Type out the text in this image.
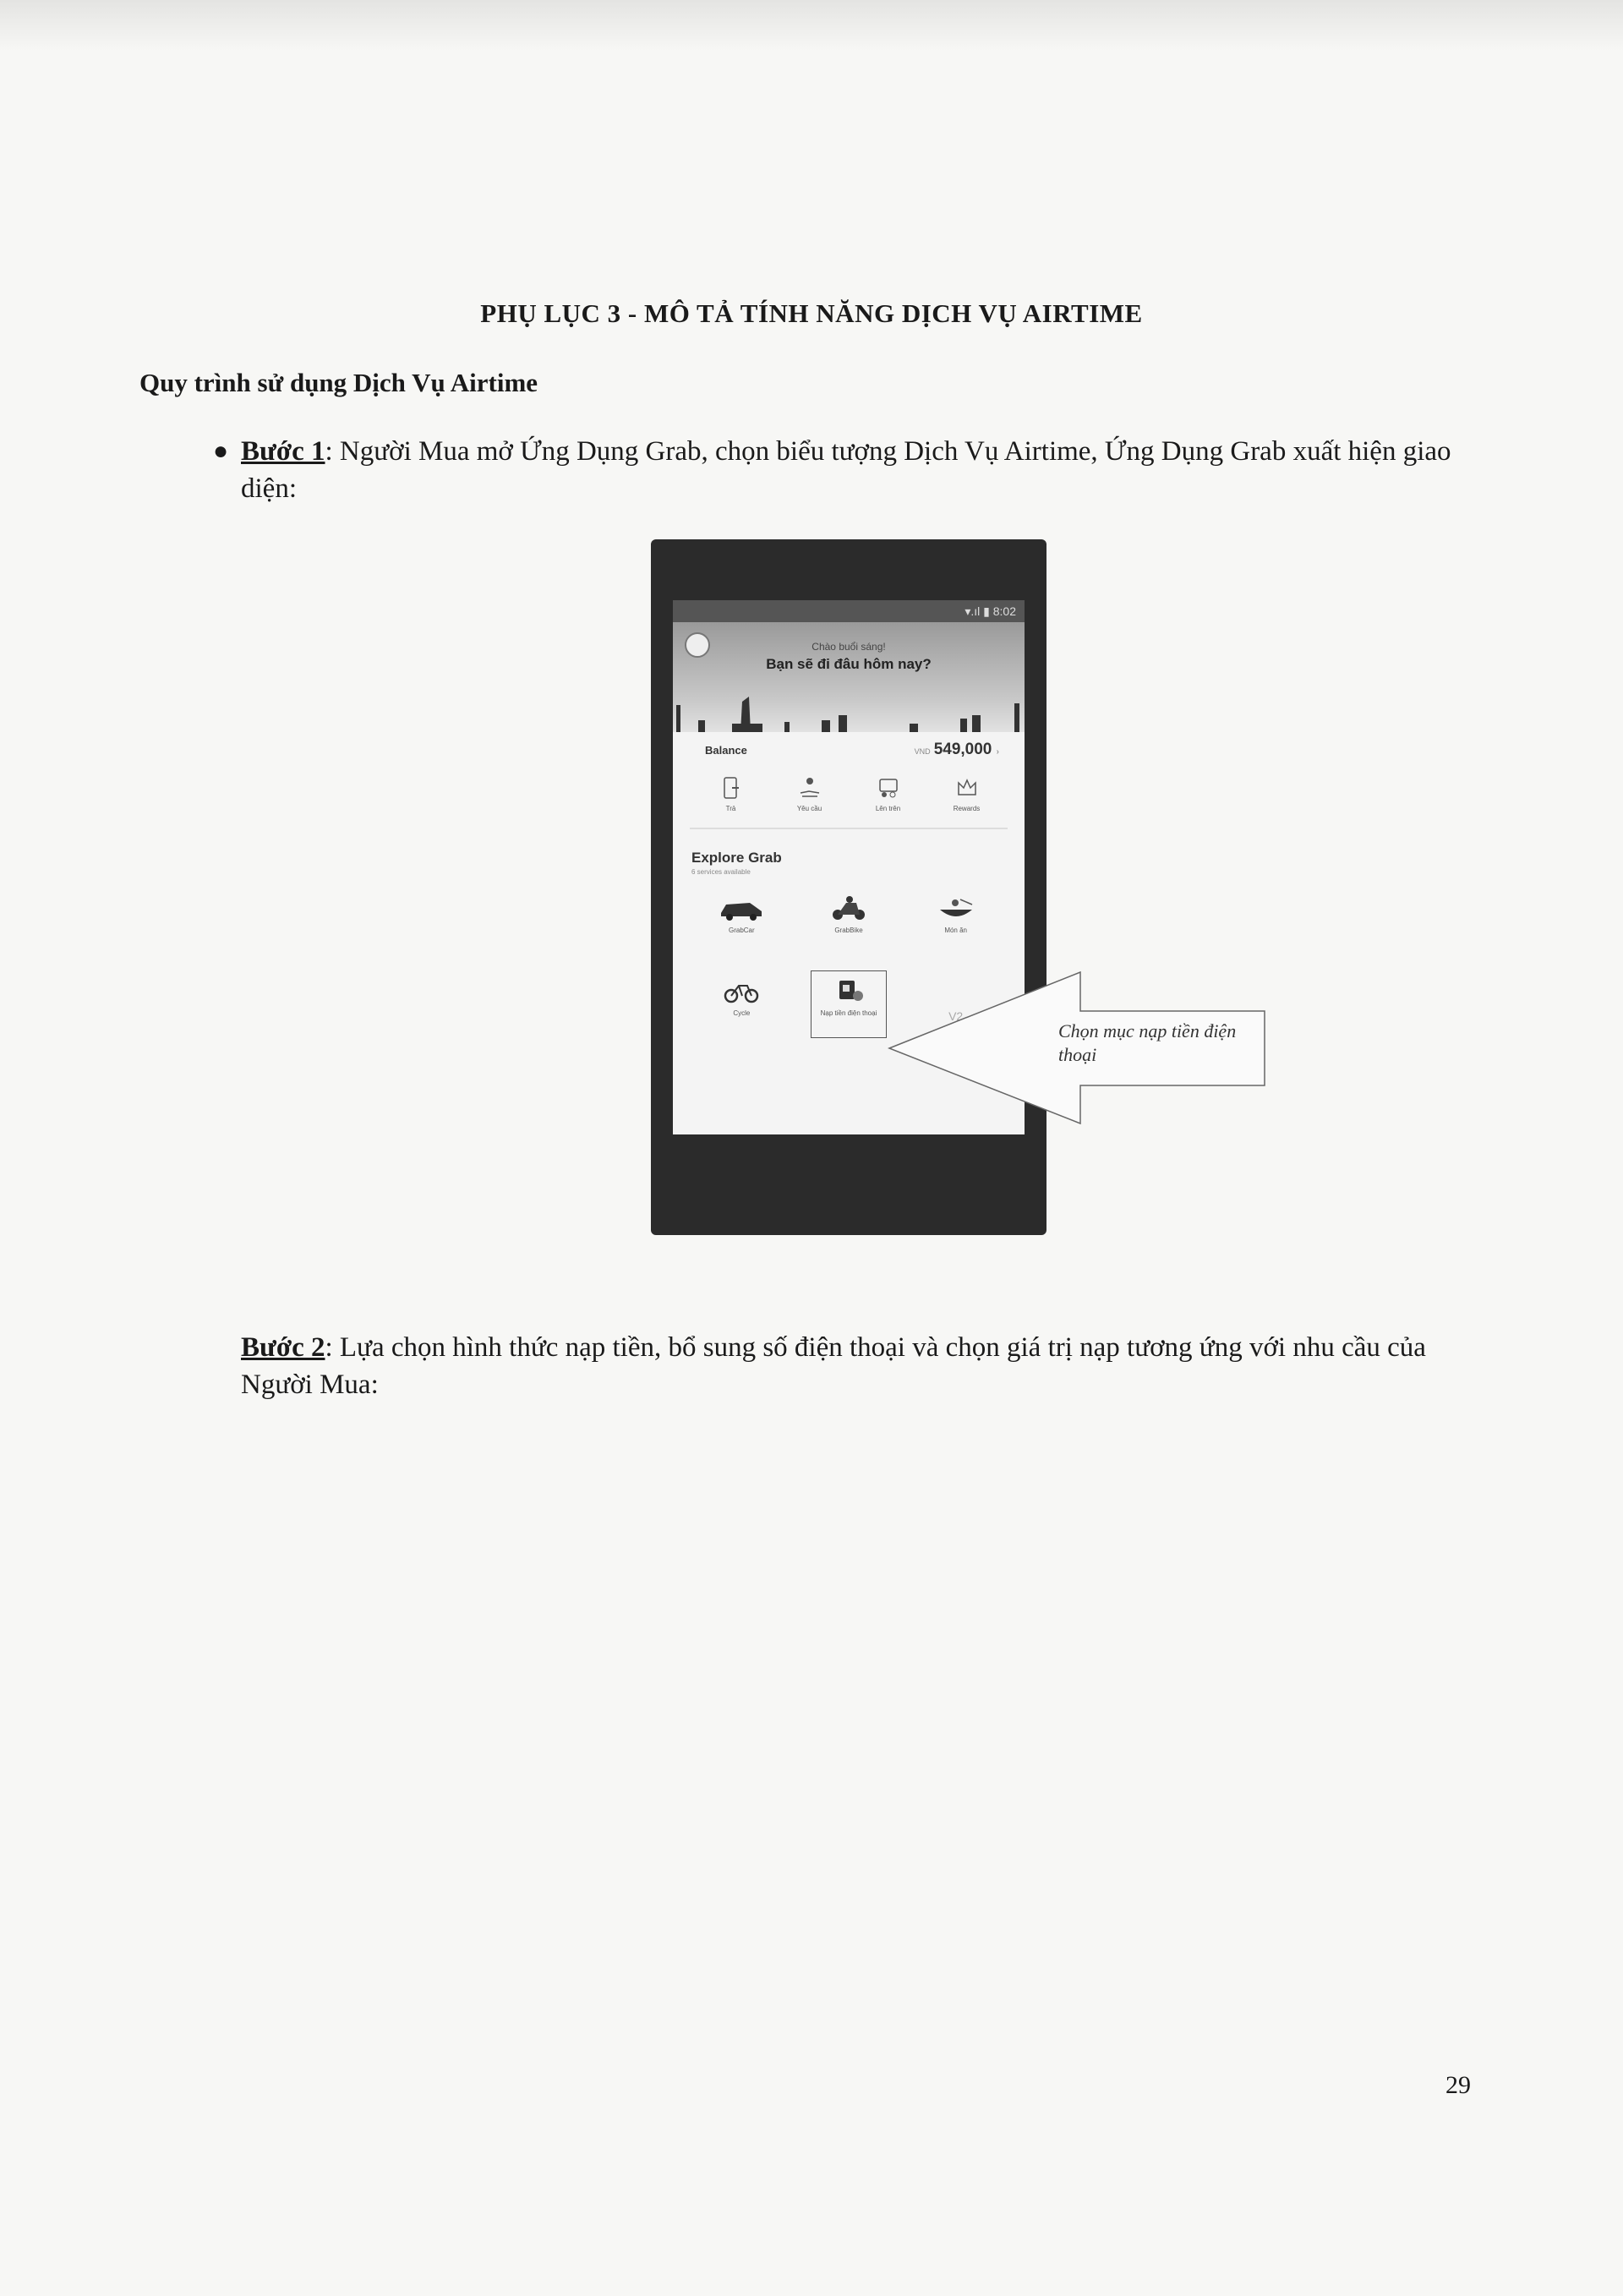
PHỤ LỤC 3 - MÔ TẢ TÍNH NĂNG DỊCH VỤ AIRTIME
Quy trình sử dụng Dịch Vụ Airtime
● Bước 1: Người Mua mở Ứng Dụng Grab, chọn biểu tượng Dịch Vụ Airtime, Ứng Dụng Grab xuất hiện giao diện:
▾.ıl ▮ 8:02
Chào buổi sáng!
Bạn sẽ đi đâu hôm nay?
Balance	VND 549,000 ›
Trả	Yêu cầu	Lên trên	Rewards
Explore Grab
6 services available
GrabCar	GrabBike	Món ăn
Cycle	Nạp tiền điện thoại	V2
Chọn mục nạp tiền điện thoại
Bước 2: Lựa chọn hình thức nạp tiền, bổ sung số điện thoại và chọn giá trị nạp tương ứng với nhu cầu của Người Mua:
29
